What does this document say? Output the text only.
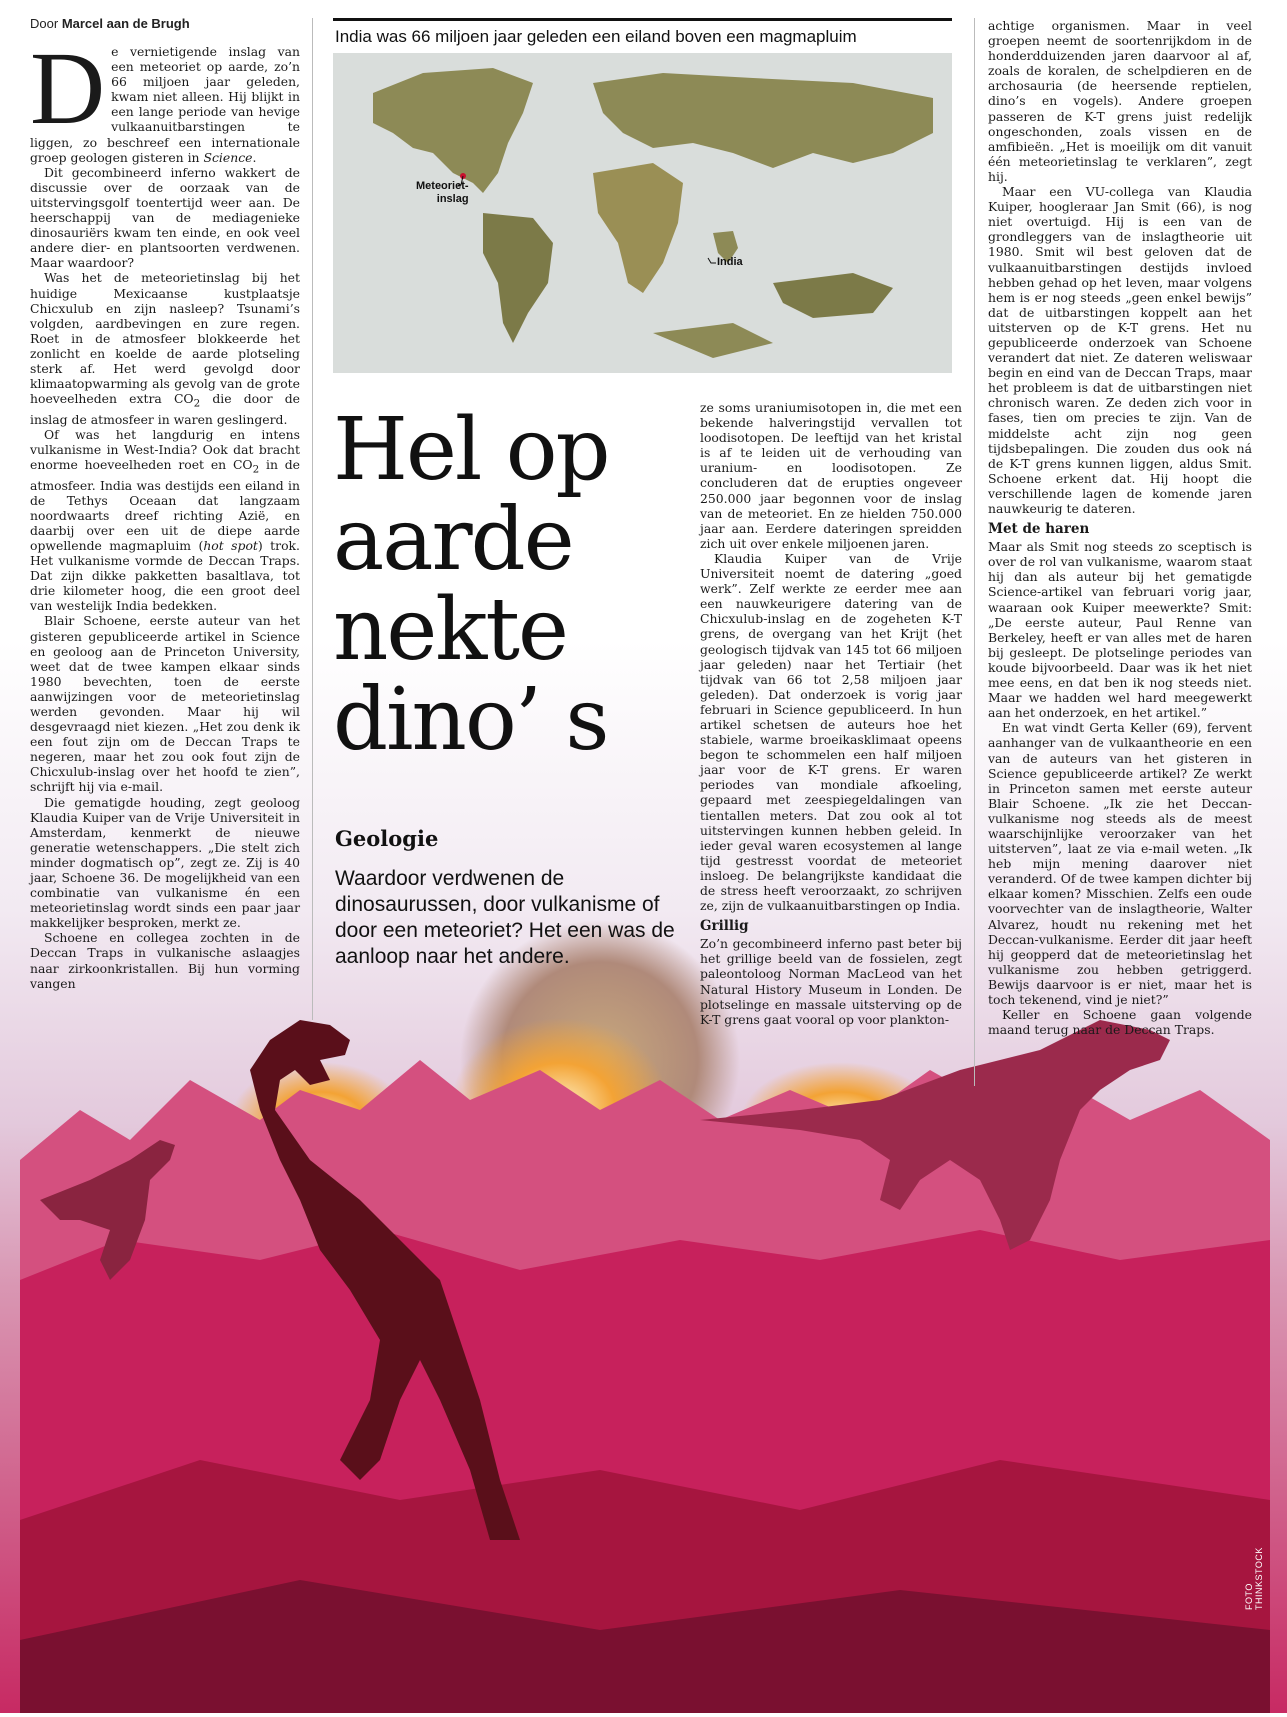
Door Marcel aan de Brugh

De vernietigende inslag van een meteoriet op aarde, zo’n 66 miljoen jaar geleden, kwam niet alleen. Hij blijkt in een lange periode van hevige vulkaanuitbarstingen te liggen, zo beschreef een internationale groep geologen gisteren in Science.

Dit gecombineerd inferno wakkert de discussie over de oorzaak van de uitstervingsgolf toentertijd weer aan. De heerschappij van de mediagenieke dinosauriërs kwam ten einde, en ook veel andere dier- en plantsoorten verdwenen. Maar waardoor?

Was het de meteorietinslag bij het huidige Mexicaanse kustplaatsje Chicxulub en zijn nasleep? Tsunami’s volgden, aardbevingen en zure regen. Roet in de atmosfeer blokkeerde het zonlicht en koelde de aarde plotseling sterk af. Het werd gevolgd door klimaatopwarming als gevolg van de grote hoeveelheden extra $CO_2$ die door de inslag de atmosfeer in waren geslingerd.

Of was het langdurig en intens vulkanisme in West-India? Ook dat bracht enorme hoeveelheden roet en $CO_2$ in de atmosfeer. India was destijds een eiland in de Tethys Oceaan dat langzaam noordwaarts dreef richting Azië, en daarbij over een uit de diepe aarde opwellende magmapluim (hot spot) trok. Het vulkanisme vormde de Deccan Traps. Dat zijn dikke pakketten basaltlava, tot drie kilometer hoog, die een groot deel van westelijk India bedekken.

Blair Schoene, eerste auteur van het gisteren gepubliceerde artikel in Science en geoloog aan de Princeton University, weet dat de twee kampen elkaar sinds 1980 bevechten, toen de eerste aanwijzingen voor de meteorietinslag werden gevonden. Maar hij wil desgevraagd niet kiezen. „Het zou denk ik een fout zijn om de Deccan Traps te negeren, maar het zou ook fout zijn de Chicxulub-inslag over het hoofd te zien”, schrijft hij via e-mail.

Die gematigde houding, zegt geoloog Klaudia Kuiper van de Vrije Universiteit in Amsterdam, kenmerkt de nieuwe generatie wetenschappers. „Die stelt zich minder dogmatisch op”, zegt ze. Zij is 40 jaar, Schoene 36. De mogelijkheid van een combinatie van vulkanisme én een meteorietinslag wordt sinds een paar jaar makkelijker besproken, merkt ze.

Schoene en collegea zochten in de Deccan Traps in vulkanische aslaagjes naar zirkoonkristallen. Bij hun vorming vangen

India was 66 miljoen jaar geleden een eiland boven een magmapluim
Meteoriet-
inslag
India
Hel op
aarde
nekte
dino’ s
Geologie
Waardoor verdwenen de dinosaurussen, door vulkanisme of door een meteoriet? Het een was de aanloop naar het andere.

ze soms uraniumisotopen in, die met een bekende halveringstijd vervallen tot loodisotopen. De leeftijd van het kristal is af te leiden uit de verhouding van uranium- en loodisotopen. Ze concluderen dat de erupties ongeveer 250.000 jaar begonnen voor de inslag van de meteoriet. En ze hielden 750.000 jaar aan. Eerdere dateringen spreidden zich uit over enkele miljoenen jaren.

Klaudia Kuiper van de Vrije Universiteit noemt de datering „goed werk”. Zelf werkte ze eerder mee aan een nauwkeurigere datering van de Chicxulub-inslag en de zogeheten K-T grens, de overgang van het Krijt (het geologisch tijdvak van 145 tot 66 miljoen jaar geleden) naar het Tertiair (het tijdvak van 66 tot 2,58 miljoen jaar geleden). Dat onderzoek is vorig jaar februari in Science gepubliceerd. In hun artikel schetsen de auteurs hoe het stabiele, warme broeikasklimaat opeens begon te schommelen een half miljoen jaar voor de K-T grens. Er waren periodes van mondiale afkoeling, gepaard met zeespiegeldalingen van tientallen meters. Dat zou ook al tot uitstervingen kunnen hebben geleid. In ieder geval waren ecosystemen al lange tijd gestresst voordat de meteoriet insloeg. De belangrijkste kandidaat die de stress heeft veroorzaakt, zo schrijven ze, zijn de vulkaanuitbarstingen op India.

Grillig

Zo’n gecombineerd inferno past beter bij het grillige beeld van de fossielen, zegt paleontoloog Norman MacLeod van het Natural History Museum in Londen. De plotselinge en massale uitsterving op de K-T grens gaat vooral op voor plankton-

achtige organismen. Maar in veel groepen neemt de soortenrijkdom in de honderdduizenden jaren daarvoor al af, zoals de koralen, de schelpdieren en de archosauria (de heersende reptielen, dino’s en vogels). Andere groepen passeren de K-T grens juist redelijk ongeschonden, zoals vissen en de amfibieën. „Het is moeilijk om dit vanuit één meteorietinslag te verklaren”, zegt hij.

Maar een VU-collega van Klaudia Kuiper, hoogleraar Jan Smit (66), is nog niet overtuigd. Hij is een van de grondleggers van de inslagtheorie uit 1980. Smit wil best geloven dat de vulkaanuitbarstingen destijds invloed hebben gehad op het leven, maar volgens hem is er nog steeds „geen enkel bewijs” dat de uitbarstingen koppelt aan het uitsterven op de K-T grens. Het nu gepubliceerde onderzoek van Schoene verandert dat niet. Ze dateren weliswaar begin en eind van de Deccan Traps, maar het probleem is dat de uitbarstingen niet chronisch waren. Ze deden zich voor in fases, tien om precies te zijn. Van de middelste acht zijn nog geen tijdsbepalingen. Die zouden dus ook ná de K-T grens kunnen liggen, aldus Smit. Schoene erkent dat. Hij hoopt die verschillende lagen de komende jaren nauwkeurig te dateren.

Met de haren

Maar als Smit nog steeds zo sceptisch is over de rol van vulkanisme, waarom staat hij dan als auteur bij het gematigde Science-artikel van februari vorig jaar, waaraan ook Kuiper meewerkte? Smit: „De eerste auteur, Paul Renne van Berkeley, heeft er van alles met de haren bij gesleept. De plotselinge periodes van koude bijvoorbeeld. Daar was ik het niet mee eens, en dat ben ik nog steeds niet. Maar we hadden wel hard meegewerkt aan het onderzoek, en het artikel.”

En wat vindt Gerta Keller (69), fervent aanhanger van de vulkaantheorie en een van de auteurs van het gisteren in Science gepubliceerde artikel? Ze werkt in Princeton samen met eerste auteur Blair Schoene. „Ik zie het Deccan-vulkanisme nog steeds als de meest waarschijnlijke veroorzaker van het uitsterven”, laat ze via e-mail weten. „Ik heb mijn mening daarover niet veranderd. Of de twee kampen dichter bij elkaar komen? Misschien. Zelfs een oude voorvechter van de inslagtheorie, Walter Alvarez, houdt nu rekening met het Deccan-vulkanisme. Eerder dit jaar heeft hij geopperd dat de meteorietinslag het vulkanisme zou hebben getriggerd. Bewijs daarvoor is er niet, maar het is toch tekenend, vind je niet?”

Keller en Schoene gaan volgende maand terug naar de Deccan Traps.

FOTO THINKSTOCK
